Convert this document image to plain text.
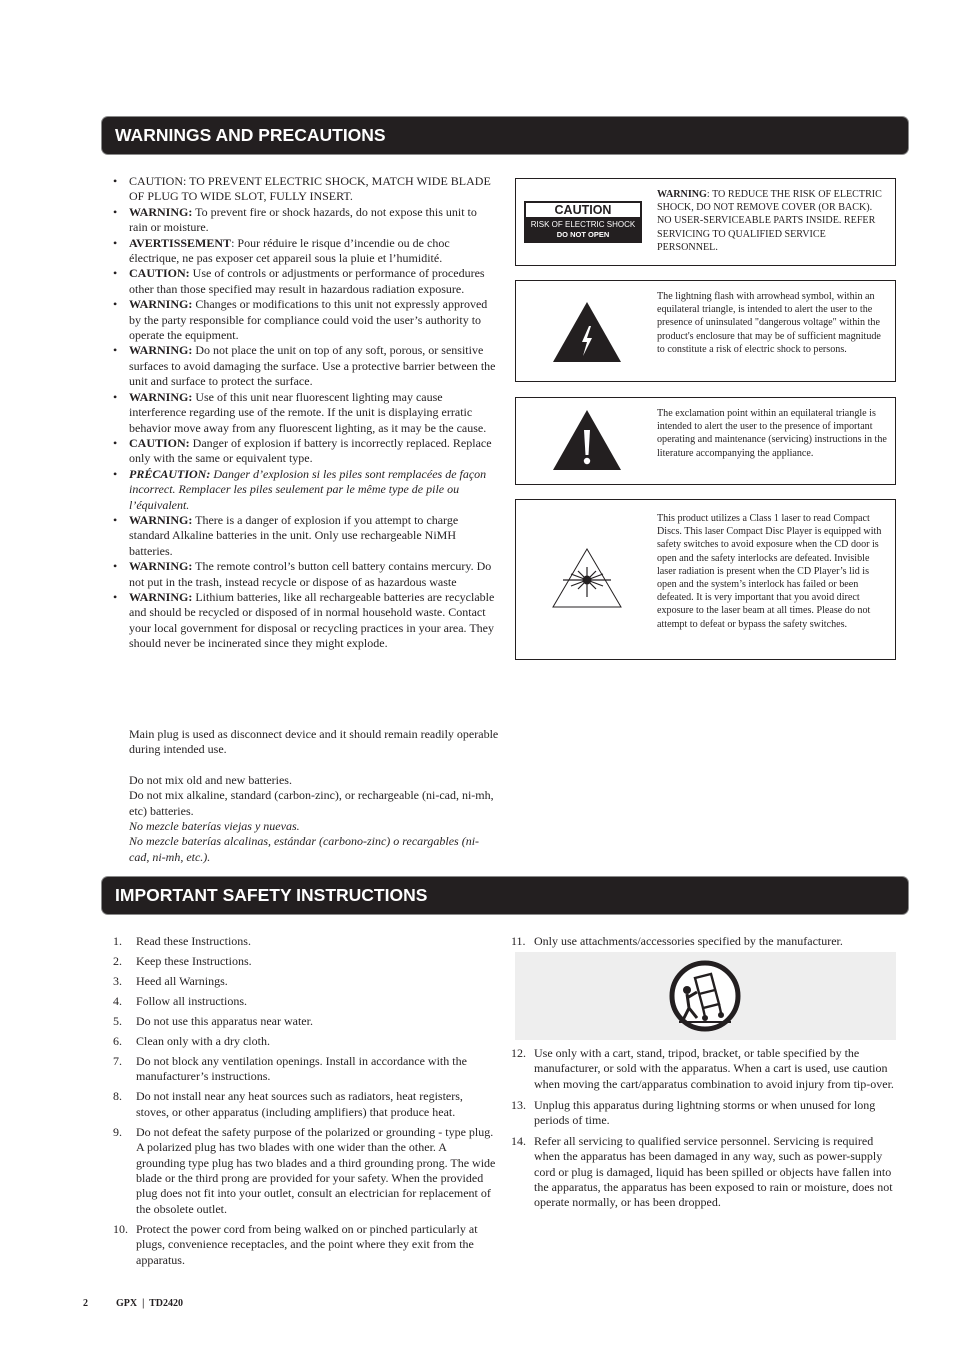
WARNINGS AND PRECAUTIONS
• CAUTION: TO PREVENT ELECTRIC SHOCK, MATCH WIDE BLADE OF PLUG TO WIDE SLOT, FULLY INSERT.
• WARNING: To prevent fire or shock hazards, do not expose this unit to rain or moisture.
• AVERTISSEMENT: Pour réduire le risque d’incendie ou de choc électrique, ne pas exposer cet appareil sous la pluie et l’humidité.
• CAUTION: Use of controls or adjustments or performance of procedures other than those specified may result in hazardous radiation exposure.
• WARNING: Changes or modifications to this unit not expressly approved by the party responsible for compliance could void the user’s authority to operate the equipment.
• WARNING: Do not place the unit on top of any soft, porous, or sensitive surfaces to avoid damaging the surface. Use a protective barrier between the unit and surface to protect the surface.
• WARNING: Use of this unit near fluorescent lighting may cause interference regarding use of the remote. If the unit is displaying erratic behavior move away from any fluorescent lighting, as it may be the cause.
• CAUTION: Danger of explosion if battery is incorrectly replaced. Replace only with the same or equivalent type.
• PRÉCAUTION: Danger d’explosion si les piles sont remplacées de façon incorrect. Remplacer les piles seulement par le même type de pile ou l’équivalent.
• WARNING: There is a danger of explosion if you attempt to charge standard Alkaline batteries in the unit. Only use rechargeable NiMH batteries.
• WARNING: The remote control’s button cell battery contains mercury. Do not put in the trash, instead recycle or dispose of as hazardous waste
• WARNING: Lithium batteries, like all rechargeable batteries are recyclable and should be recycled or disposed of in normal household waste. Contact your local government for disposal or recycling practices in your area. They should never be incinerated since they might explode.

Main plug is used as disconnect device and it should remain readily operable during intended use.

Do not mix old and new batteries.
Do not mix alkaline, standard (carbon-zinc), or rechargeable (ni-cad, ni-mh, etc) batteries.

No mezcle baterías viejas y nuevas.
No mezcle baterías alcalinas, estándar (carbono-zinc) o recargables (ni-cad, ni-mh, etc.).

CAUTION
RISK OF ELECTRIC SHOCK
DO NOT OPEN
WARNING: TO REDUCE THE RISK OF ELECTRIC SHOCK, DO NOT REMOVE COVER (OR BACK). NO USER-SERVICEABLE PARTS INSIDE. REFER SERVICING TO QUALIFIED SERVICE PERSONNEL.
The lightning flash with arrowhead symbol, within an equilateral triangle, is intended to alert the user to the presence of uninsulated "dangerous voltage" within the product's enclosure that may be of sufficient magnitude to constitute a risk of electric shock to persons.
The exclamation point within an equilateral triangle is intended to alert the user to the presence of important operating and maintenance (servicing) instructions in the literature accompanying the appliance.
This product utilizes a Class 1 laser to read Compact Discs. This laser Compact Disc Player is equipped with safety switches to avoid exposure when the CD door is open and the safety interlocks are defeated. Invisible laser radiation is present when the CD Player’s lid is open and the system’s interlock has failed or been defeated. It is very important that you avoid direct exposure to the laser beam at all times. Please do not attempt to defeat or bypass the safety switches.
IMPORTANT SAFETY INSTRUCTIONS
1. Read these Instructions.
2. Keep these Instructions.
3. Heed all Warnings.
4. Follow all instructions.
5. Do not use this apparatus near water.
6. Clean only with a dry cloth.
7. Do not block any ventilation openings. Install in accordance with the manufacturer’s instructions.
8. Do not install near any heat sources such as radiators, heat registers, stoves, or other apparatus (including amplifiers) that produce heat.
9. Do not defeat the safety purpose of the polarized or grounding - type plug. A polarized plug has two blades with one wider than the other. A grounding type plug has two blades and a third grounding prong. The wide blade or the third prong are provided for your safety. When the provided plug does not fit into your outlet, consult an electrician for replacement of the obsolete outlet.
10. Protect the power cord from being walked on or pinched particularly at plugs, convenience receptacles, and the point where they exit from the apparatus.
11. Only use attachments/accessories specified by the manufacturer.
12. Use only with a cart, stand, tripod, bracket, or table specified by the manufacturer, or sold with the apparatus. When a cart is used, use caution when moving the cart/apparatus combination to avoid injury from tip-over.
13. Unplug this apparatus during lightning storms or when unused for long periods of time.
14. Refer all servicing to qualified service personnel. Servicing is required when the apparatus has been damaged in any way, such as power-supply cord or plug is damaged, liquid has been spilled or objects have fallen into the apparatus, the apparatus has been exposed to rain or moisture, does not operate normally, or has been dropped.
2	GPX  |  TD2420
